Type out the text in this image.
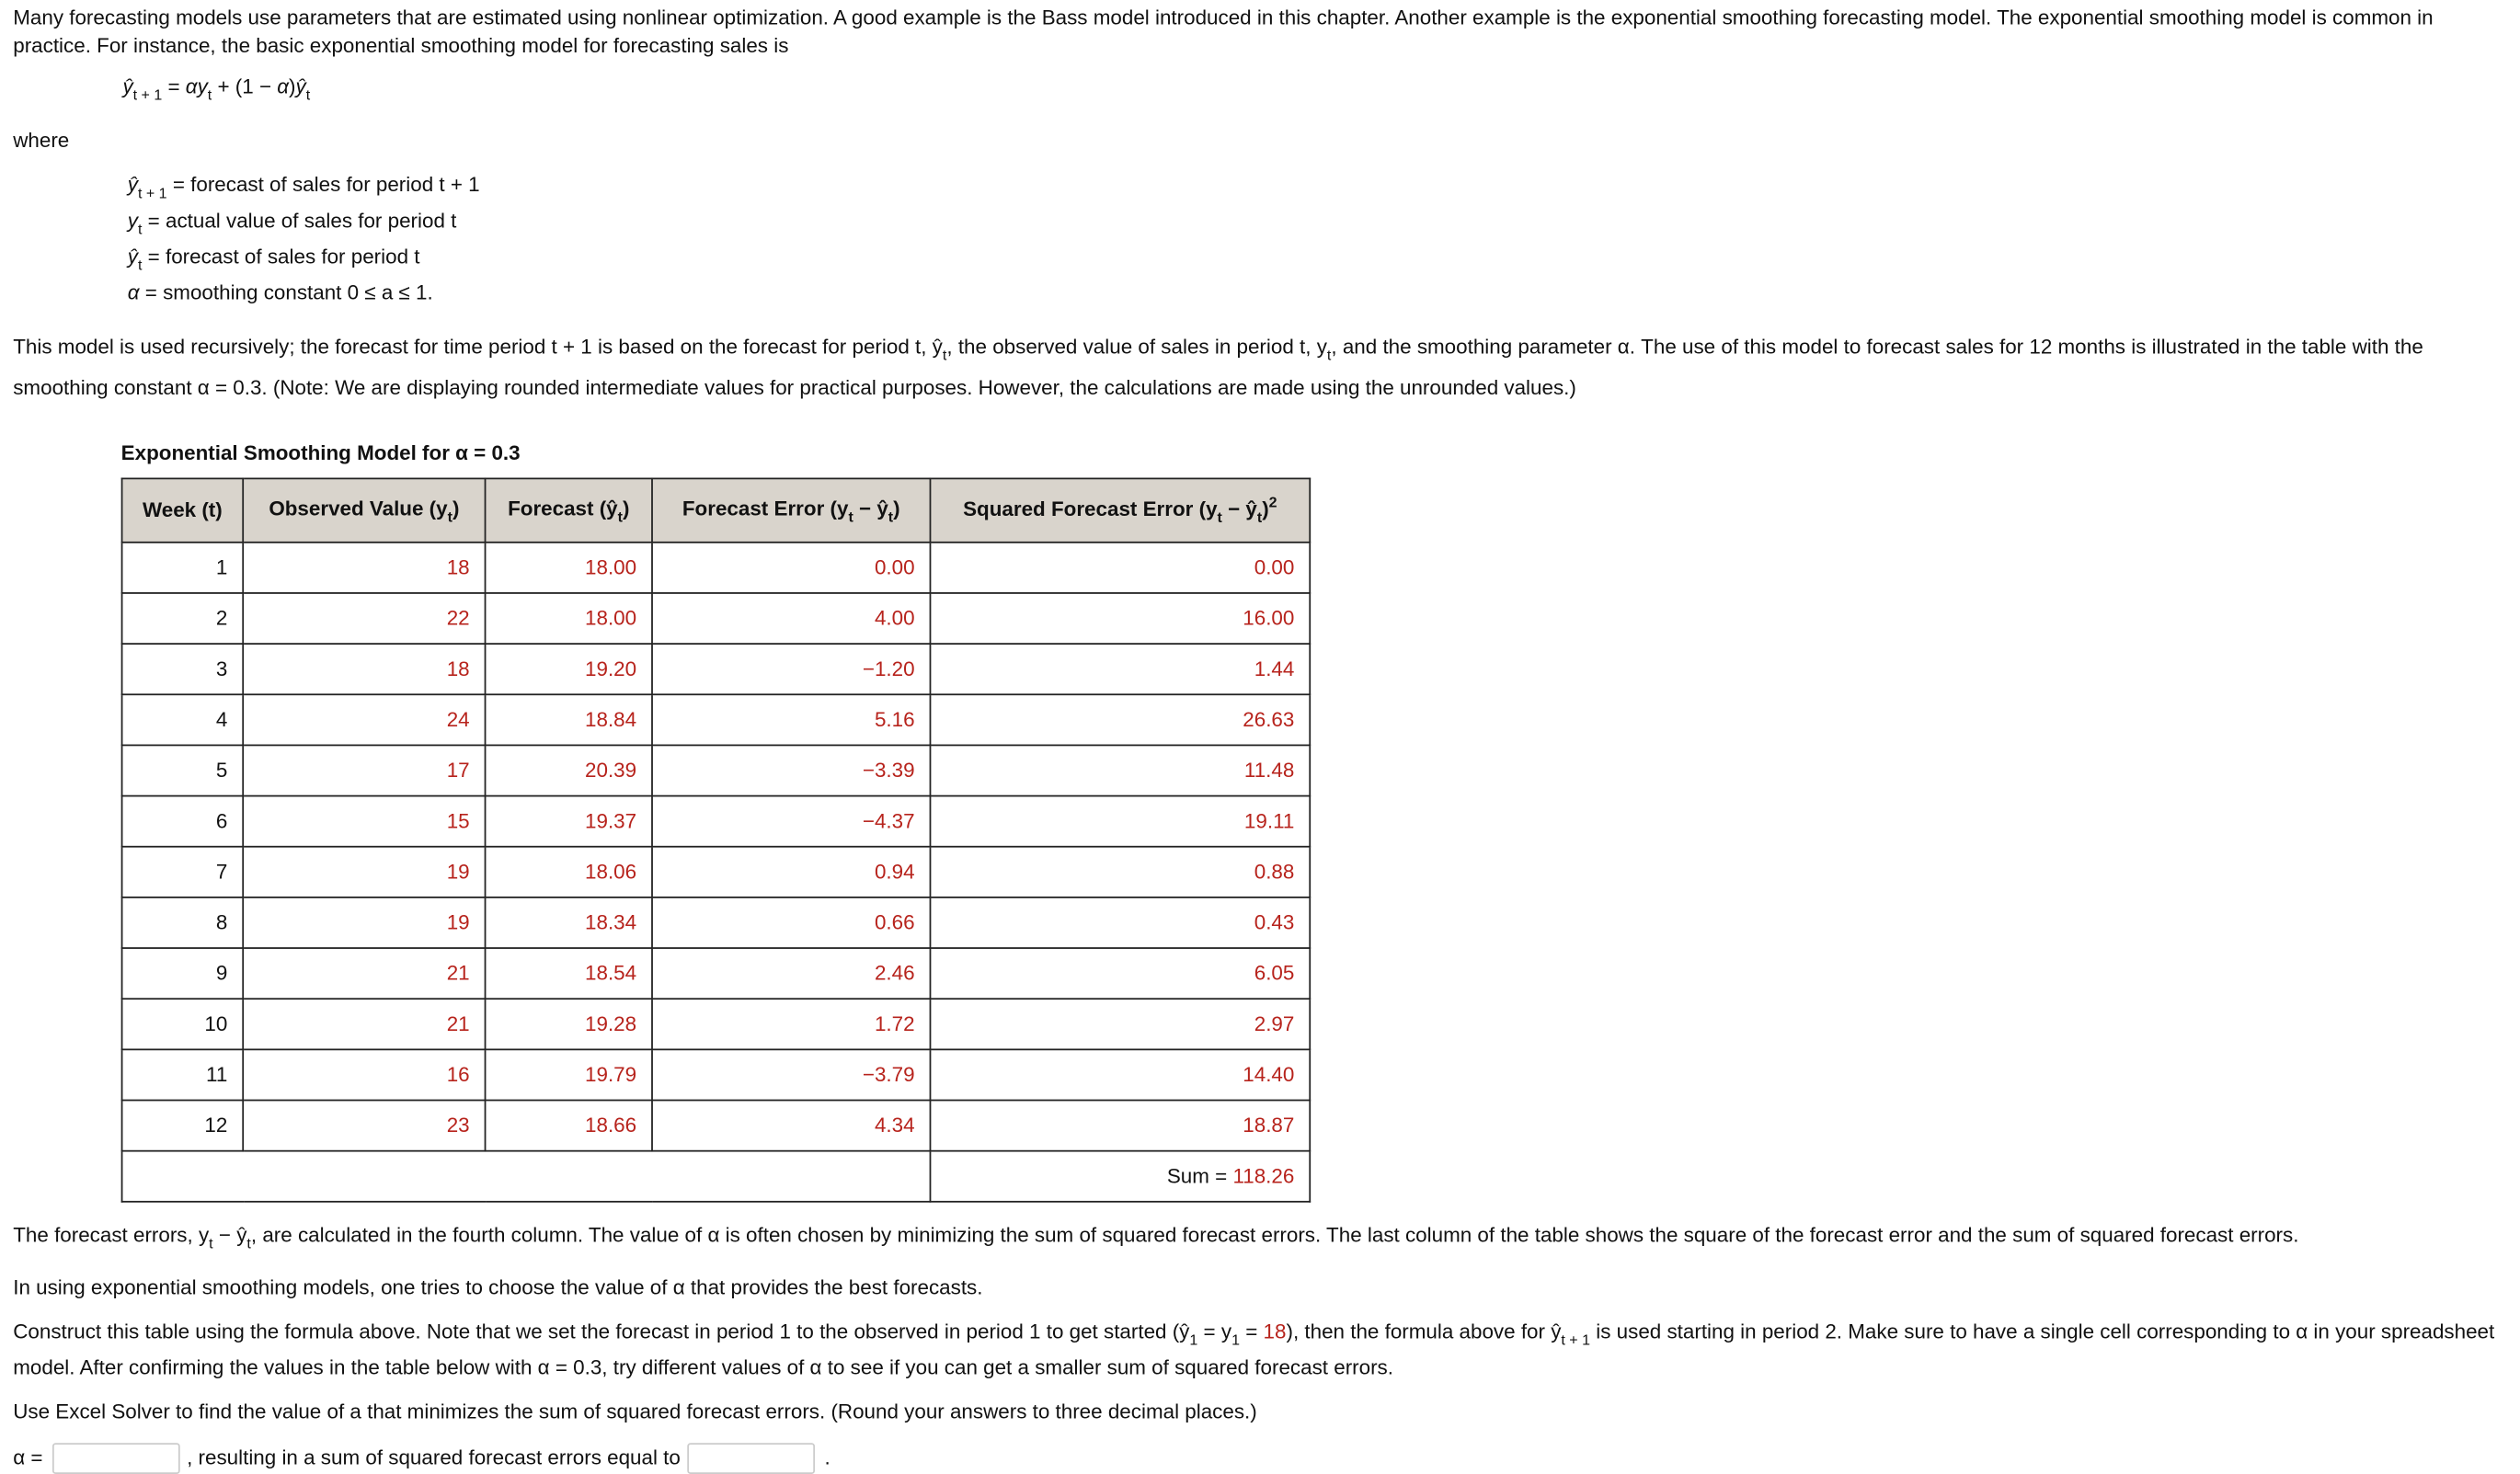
Many forecasting models use parameters that are estimated using nonlinear optimization. A good example is the Bass model introduced in this chapter. Another example is the exponential smoothing forecasting model. The exponential smoothing model is common in practice. For instance, the basic exponential smoothing model for forecasting sales is

$ŷ_{t + 1} = \alpha y_t + (1$ − $\alpha)ŷ_t$

where

$ŷ_{t + 1}$ = forecast of sales for period t + 1
$y_t$ = actual value of sales for period t
$ŷ_t$ = forecast of sales for period t
α = smoothing constant 0 ≤ a ≤ 1.

This model is used recursively; the forecast for time period t + 1 is based on the forecast for period t, $ŷ_t$, the observed value of sales in period t, $y_t$, and the smoothing parameter α. The use of this model to forecast sales for 12 months is illustrated in the table with the smoothing constant α = 0.3. (Note: We are displaying rounded intermediate values for practical purposes. However, the calculations are made using the unrounded values.)

Exponential Smoothing Model for α = 0.3
Week (t)	Observed Value $(y_t)$	Forecast $(ŷ_t)$	Forecast Error ($y_t$ − $ŷ_t$)	Squared Forecast Error ($y_t$ − $ŷ_t)^2$
1	18	18.00	0.00	0.00
2	22	18.00	4.00	16.00
3	18	19.20	−1.20	1.44
4	24	18.84	5.16	26.63
5	17	20.39	−3.39	11.48
6	15	19.37	−4.37	19.11
7	19	18.06	0.94	0.88
8	19	18.34	0.66	0.43
9	21	18.54	2.46	6.05
10	21	19.28	1.72	2.97
11	16	19.79	−3.79	14.40
12	23	18.66	4.34	18.87
				Sum = 118.26

The forecast errors, $y_t$ − $ŷ_t$, are calculated in the fourth column. The value of α is often chosen by minimizing the sum of squared forecast errors. The last column of the table shows the square of the forecast error and the sum of squared forecast errors.

In using exponential smoothing models, one tries to choose the value of α that provides the best forecasts.

Construct this table using the formula above. Note that we set the forecast in period 1 to the observed in period 1 to get started $(ŷ_1 = y_1 = 18)$, then the formula above for $ŷ_{t + 1}$ is used starting in period 2. Make sure to have a single cell corresponding to α in your spreadsheet model. After confirming the values in the table below with α = 0.3, try different values of α to see if you can get a smaller sum of squared forecast errors.

Use Excel Solver to find the value of a that minimizes the sum of squared forecast errors. (Round your answers to three decimal places.)

α =	, resulting in a sum of squared forecast errors equal to	.
